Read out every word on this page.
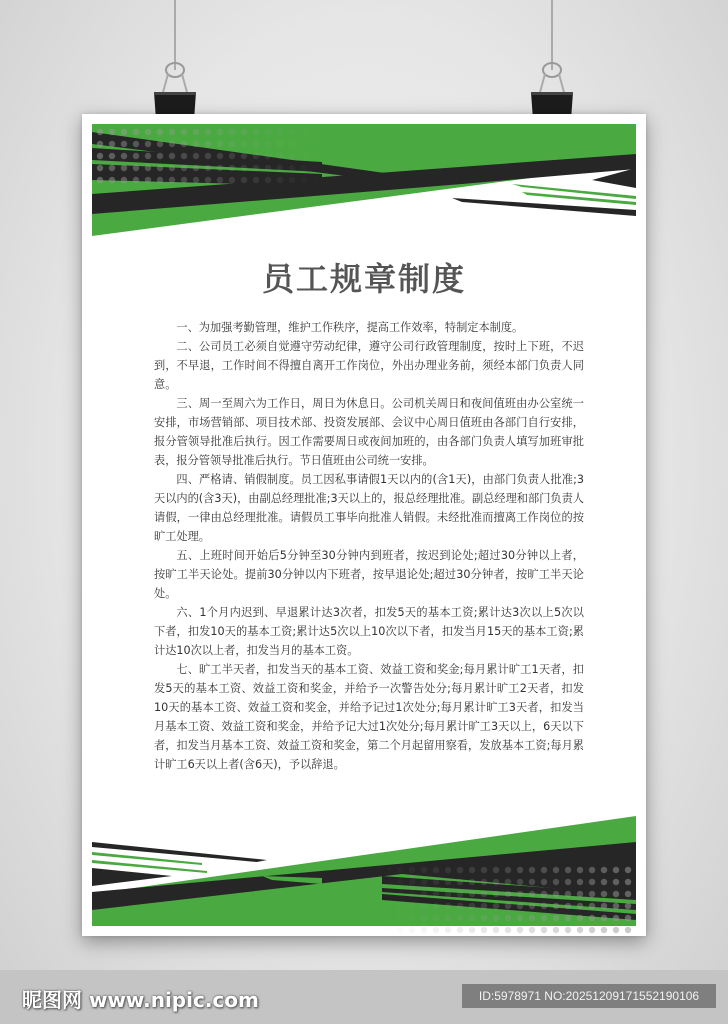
员工规章制度

一、为加强考勤管理，维护工作秩序，提高工作效率，特制定本制度。

二、公司员工必须自觉遵守劳动纪律，遵守公司行政管理制度，按时上下班，不迟到，不早退，工作时间不得擅自离开工作岗位，外出办理业务前，须经本部门负责人同意。

三、周一至周六为工作日，周日为休息日。公司机关周日和夜间值班由办公室统一安排，市场营销部、项目技术部、投资发展部、会议中心周日值班由各部门自行安排，报分管领导批准后执行。因工作需要周日或夜间加班的，由各部门负责人填写加班审批表，报分管领导批准后执行。节日值班由公司统一安排。

四、严格请、销假制度。员工因私事请假1天以内的(含1天)，由部门负责人批准;3天以内的(含3天)，由副总经理批准;3天以上的，报总经理批准。副总经理和部门负责人请假，一律由总经理批准。请假员工事毕向批准人销假。未经批准而擅离工作岗位的按旷工处理。

五、上班时间开始后5分钟至30分钟内到班者，按迟到论处;超过30分钟以上者，按旷工半天论处。提前30分钟以内下班者，按早退论处;超过30分钟者，按旷工半天论处。

六、1个月内迟到、早退累计达3次者，扣发5天的基本工资;累计达3次以上5次以下者，扣发10天的基本工资;累计达5次以上10次以下者，扣发当月15天的基本工资;累计达10次以上者，扣发当月的基本工资。

七、旷工半天者，扣发当天的基本工资、效益工资和奖金;每月累计旷工1天者，扣发5天的基本工资、效益工资和奖金，并给予一次警告处分;每月累计旷工2天者，扣发10天的基本工资、效益工资和奖金，并给予记过1次处分;每月累计旷工3天者，扣发当月基本工资、效益工资和奖金，并给予记大过1次处分;每月累计旷工3天以上，6天以下者，扣发当月基本工资、效益工资和奖金，第二个月起留用察看，发放基本工资;每月累计旷工6天以上者(含6天)，予以辞退。

昵图网 www.nipic.com	ID:5978971 NO:20251209171552190106
